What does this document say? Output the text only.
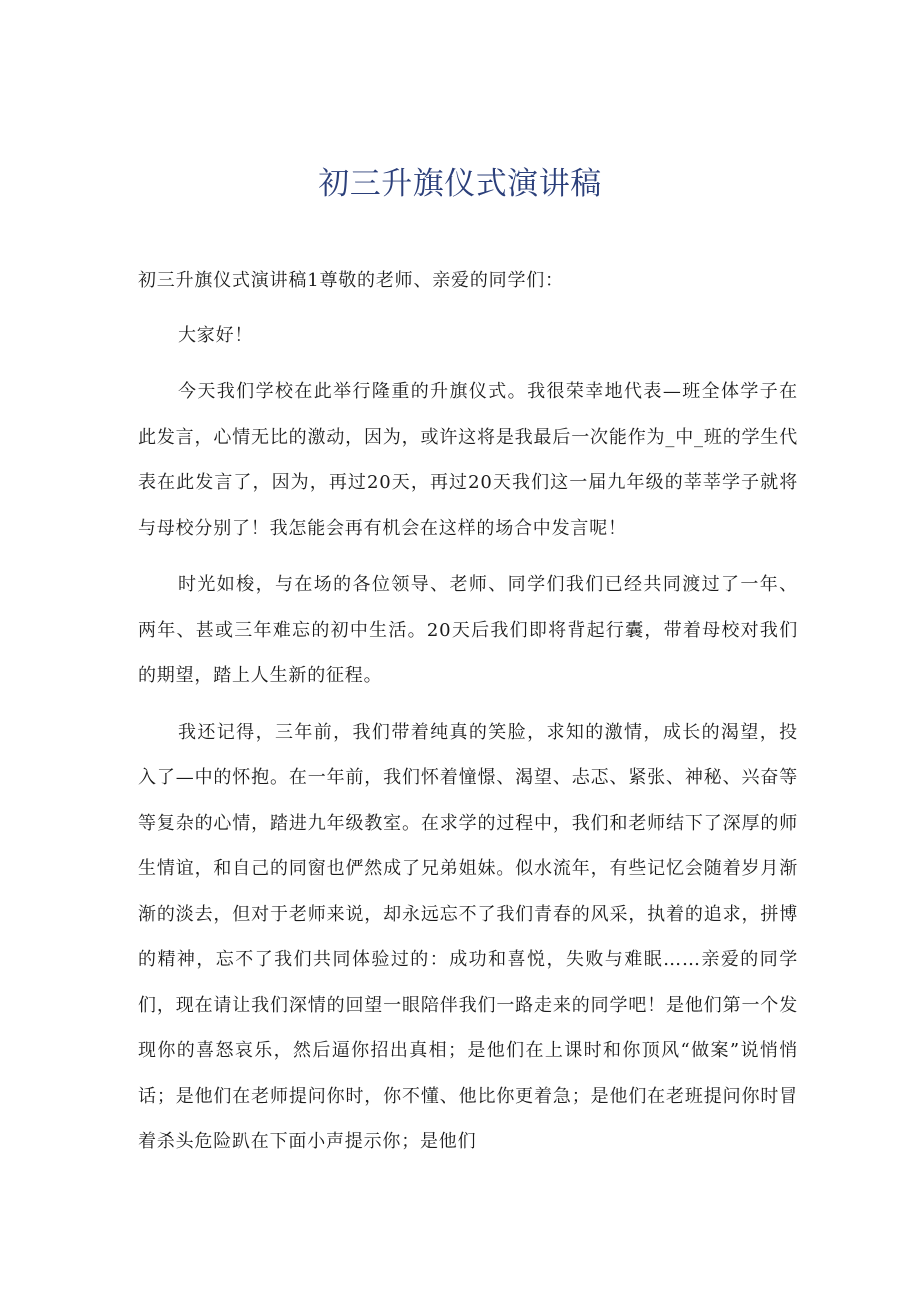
初三升旗仪式演讲稿

初三升旗仪式演讲稿1尊敬的老师、亲爱的同学们：

大家好！

今天我们学校在此举行隆重的升旗仪式。我很荣幸地代表—班全体学子在此发言，心情无比的激动，因为，或许这将是我最后一次能作为_中_班的学生代表在此发言了，因为，再过20天，再过20天我们这一届九年级的莘莘学子就将与母校分别了！我怎能会再有机会在这样的场合中发言呢！

时光如梭，与在场的各位领导、老师、同学们我们已经共同渡过了一年、两年、甚或三年难忘的初中生活。20天后我们即将背起行囊，带着母校对我们的期望，踏上人生新的征程。

我还记得，三年前，我们带着纯真的笑脸，求知的激情，成长的渴望，投入了—中的怀抱。在一年前，我们怀着憧憬、渴望、忐忑、紧张、神秘、兴奋等等复杂的心情，踏进九年级教室。在求学的过程中，我们和老师结下了深厚的师生情谊，和自己的同窗也俨然成了兄弟姐妹。似水流年，有些记忆会随着岁月渐渐的淡去，但对于老师来说，却永远忘不了我们青春的风采，执着的追求，拼博的精神，忘不了我们共同体验过的：成功和喜悦，失败与难眠……亲爱的同学们，现在请让我们深情的回望一眼陪伴我们一路走来的同学吧！是他们第一个发现你的喜怒哀乐，然后逼你招出真相；是他们在上课时和你顶风“做案”说悄悄话；是他们在老师提问你时，你不懂、他比你更着急；是他们在老班提问你时冒着杀头危险趴在下面小声提示你；是他们
